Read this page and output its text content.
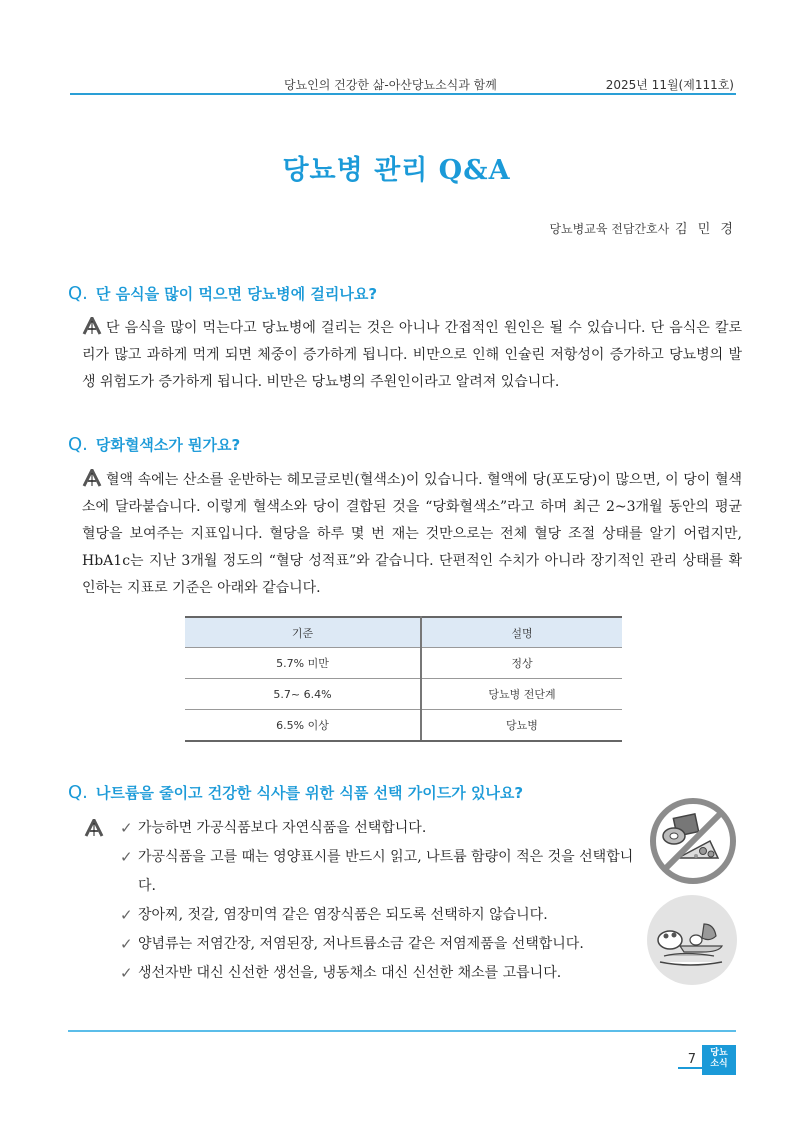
당뇨인의 건강한 삶-아산당뇨소식과 함께	2025년 11월(제111호)
당뇨병 관리 Q&A
당뇨병교육 전담간호사 김 민 경
Q. 단 음식을 많이 먹으면 당뇨병에 걸리나요?
단 음식을 많이 먹는다고 당뇨병에 걸리는 것은 아니나 간접적인 원인은 될 수 있습니다. 단 음식은 칼로리가 많고 과하게 먹게 되면 체중이 증가하게 됩니다. 비만으로 인해 인슐린 저항성이 증가하고 당뇨병의 발생 위험도가 증가하게 됩니다. 비만은 당뇨병의 주원인이라고 알려져 있습니다.
Q. 당화혈색소가 뭔가요?
혈액 속에는 산소를 운반하는 헤모글로빈(혈색소)이 있습니다. 혈액에 당(포도당)이 많으면, 이 당이 혈색소에 달라붙습니다. 이렇게 혈색소와 당이 결합된 것을 “당화혈색소”라고 하며 최근 2~3개월 동안의 평균 혈당을 보여주는 지표입니다. 혈당을 하루 몇 번 재는 것만으로는 전체 혈당 조절 상태를 알기 어렵지만, HbA1c는 지난 3개월 정도의 “혈당 성적표”와 같습니다. 단편적인 수치가 아니라 장기적인 관리 상태를 확인하는 지표로 기준은 아래와 같습니다.
기준	설명
5.7% 미만	정상
5.7~ 6.4%	당뇨병 전단계
6.5% 이상	당뇨병
Q. 나트륨을 줄이고 건강한 식사를 위한 식품 선택 가이드가 있나요?
✓ 가능하면 가공식품보다 자연식품을 선택합니다.
✓ 가공식품을 고를 때는 영양표시를 반드시 읽고, 나트륨 함량이 적은 것을 선택합니다.
✓ 장아찌, 젓갈, 염장미역 같은 염장식품은 되도록 선택하지 않습니다.
✓ 양념류는 저염간장, 저염된장, 저나트륨소금 같은 저염제품을 선택합니다.
✓ 생선자반 대신 신선한 생선을, 냉동채소 대신 신선한 채소를 고릅니다.
7	당뇨
소식
